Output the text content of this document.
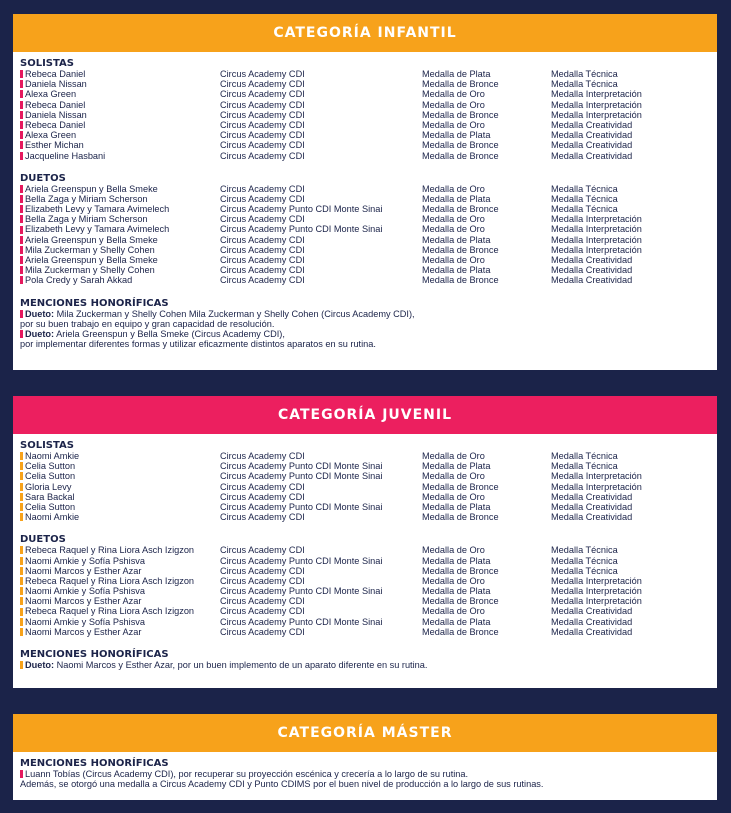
CATEGORÍA INFANTIL
SOLISTAS
Rebeca Daniel	Circus Academy CDI	Medalla de Plata	Medalla Técnica
Daniela Nissan	Circus Academy CDI	Medalla de Bronce	Medalla Técnica
Alexa Green	Circus Academy CDI	Medalla de Oro	Medalla Interpretación
Rebeca Daniel	Circus Academy CDI	Medalla de Oro	Medalla Interpretación
Daniela Nissan	Circus Academy CDI	Medalla de Bronce	Medalla Interpretación
Rebeca Daniel	Circus Academy CDI	Medalla de Oro	Medalla Creatividad
Alexa Green	Circus Academy CDI	Medalla de Plata	Medalla Creatividad
Esther Michan	Circus Academy CDI	Medalla de Bronce	Medalla Creatividad
Jacqueline Hasbani	Circus Academy CDI	Medalla de Bronce	Medalla Creatividad
DUETOS
Ariela Greenspun y Bella Smeke	Circus Academy CDI	Medalla de Oro	Medalla Técnica
Bella Zaga y Miriam Scherson	Circus Academy CDI	Medalla de Plata	Medalla Técnica
Elizabeth Levy y Tamara Avimelech	Circus Academy Punto CDI Monte Sinai	Medalla de Bronce	Medalla Técnica
Bella Zaga y Miriam Scherson	Circus Academy CDI	Medalla de Oro	Medalla Interpretación
Elizabeth Levy y Tamara Avimelech	Circus Academy Punto CDI Monte Sinai	Medalla de Oro	Medalla Interpretación
Ariela Greenspun y Bella Smeke	Circus Academy CDI	Medalla de Plata	Medalla Interpretación
Mila Zuckerman y Shelly Cohen	Circus Academy CDI	Medalla de Bronce	Medalla Interpretación
Ariela Greenspun y Bella Smeke	Circus Academy CDI	Medalla de Oro	Medalla Creatividad
Mila Zuckerman y Shelly Cohen	Circus Academy CDI	Medalla de Plata	Medalla Creatividad
Pola Credy y Sarah Akkad	Circus Academy CDI	Medalla de Bronce	Medalla Creatividad
MENCIONES HONORÍFICAS
Dueto: Mila Zuckerman y Shelly Cohen Mila Zuckerman y Shelly Cohen (Circus Academy CDI),
por su buen trabajo en equipo y gran capacidad de resolución.
Dueto: Ariela Greenspun y Bella Smeke (Circus Academy CDI),
por implementar diferentes formas y utilizar eficazmente distintos aparatos en su rutina.
CATEGORÍA JUVENIL
SOLISTAS
Naomi Amkie	Circus Academy CDI	Medalla de Oro	Medalla Técnica
Celia Sutton	Circus Academy Punto CDI Monte Sinai	Medalla de Plata	Medalla Técnica
Celia Sutton	Circus Academy Punto CDI Monte Sinai	Medalla de Oro	Medalla Interpretación
Gloria Levy	Circus Academy CDI	Medalla de Bronce	Medalla Interpretación
Sara Backal	Circus Academy CDI	Medalla de Oro	Medalla Creatividad
Celia Sutton	Circus Academy Punto CDI Monte Sinai	Medalla de Plata	Medalla Creatividad
Naomi Amkie	Circus Academy CDI	Medalla de Bronce	Medalla Creatividad
DUETOS
Rebeca Raquel y Rina Liora Asch Izigzon	Circus Academy CDI	Medalla de Oro	Medalla Técnica
Naomi Amkie y Sofía Pshisva	Circus Academy Punto CDI Monte Sinai	Medalla de Plata	Medalla Técnica
Naomi Marcos y Esther Azar	Circus Academy CDI	Medalla de Bronce	Medalla Técnica
Rebeca Raquel y Rina Liora Asch Izigzon	Circus Academy CDI	Medalla de Oro	Medalla Interpretación
Naomi Amkie y Sofía Pshisva	Circus Academy Punto CDI Monte Sinai	Medalla de Plata	Medalla Interpretación
Naomi Marcos y Esther Azar	Circus Academy CDI	Medalla de Bronce	Medalla Interpretación
Rebeca Raquel y Rina Liora Asch Izigzon	Circus Academy CDI	Medalla de Oro	Medalla Creatividad
Naomi Amkie y Sofía Pshisva	Circus Academy Punto CDI Monte Sinai	Medalla de Plata	Medalla Creatividad
Naomi Marcos y Esther Azar	Circus Academy CDI	Medalla de Bronce	Medalla Creatividad
MENCIONES HONORÍFICAS
Dueto: Naomi Marcos y Esther Azar, por un buen implemento de un aparato diferente en su rutina.
CATEGORÍA MÁSTER
MENCIONES HONORÍFICAS
Luann Tobías (Circus Academy CDI), por recuperar su proyección escénica y crecería a lo largo de su rutina.
Además, se otorgó una medalla a Circus Academy CDI y Punto CDIMS por el buen nivel de producción a lo largo de sus rutinas.
